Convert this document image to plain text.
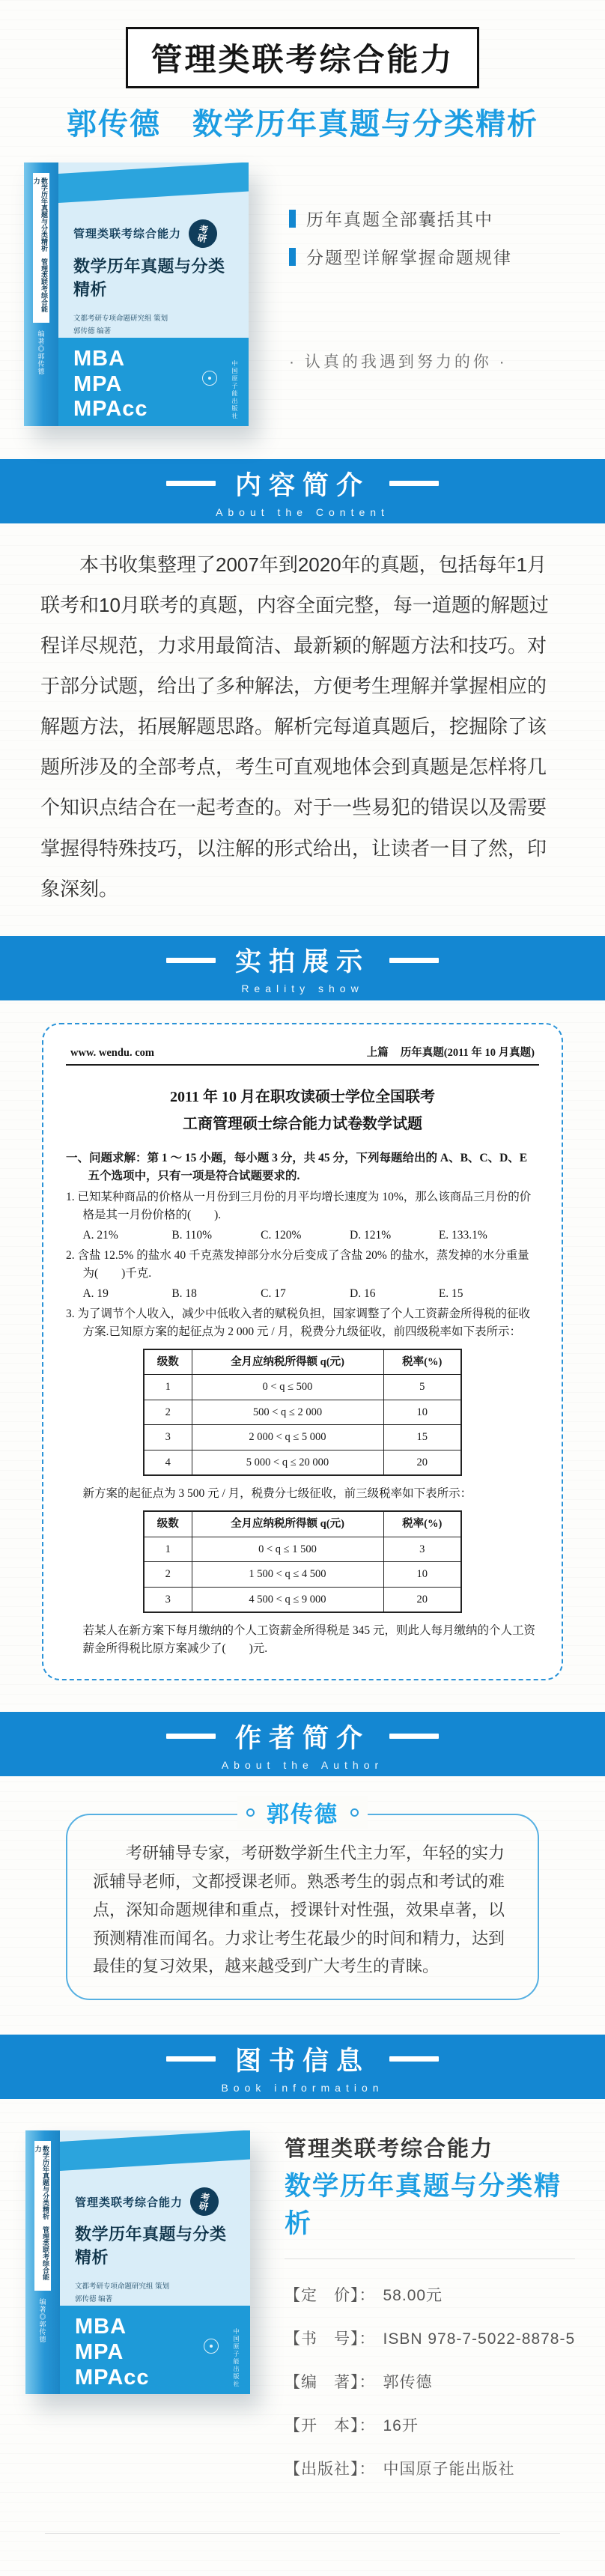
管理类联考综合能力
郭传德　数学历年真题与分类精析
数学历年真题与分类精析　管理类联考综合能力
编著◎郭传德
管理类联考综合能力	考研
数学历年真题与分类精析
文都考研专项命题研究组 策划
郭传德 编著
MBA
MPA
MPAcc	中国原子能出版社
历年真题全部囊括其中
分题型详解掌握命题规律
· 认真的我遇到努力的你 ·
内容简介
About the Content

本书收集整理了2007年到2020年的真题，包括每年1月联考和10月联考的真题，内容全面完整，每一道题的解题过程详尽规范，力求用最简洁、最新颖的解题方法和技巧。对于部分试题，给出了多种解法，方便考生理解并掌握相应的解题方法，拓展解题思路。解析完每道真题后，挖掘除了该题所涉及的全部考点，考生可直观地体会到真题是怎样将几个知识点结合在一起考查的。对于一些易犯的错误以及需要掌握得特殊技巧，以注解的形式给出，让读者一目了然，印象深刻。

实拍展示
Reality show
www. wendu. com	上篇 历年真题(2011 年 10 月真题)
2011 年 10 月在职攻读硕士学位全国联考
工商管理硕士综合能力试卷数学试题

一、问题求解：第 1 ～ 15 小题，每小题 3 分，共 45 分，下列每题给出的 A、B、C、D、E 五个选项中，只有一项是符合试题要求的.

1. 已知某种商品的价格从一月份到三月份的月平均增长速度为 10%，那么该商品三月份的价格是其一月份价格的(　　).

A. 21%	B. 110%	C. 120%	D. 121%	E. 133.1%

2. 含盐 12.5% 的盐水 40 千克蒸发掉部分水分后变成了含盐 20% 的盐水，蒸发掉的水分重量为(　　)千克.

A. 19	B. 18	C. 17	D. 16	E. 15

3. 为了调节个人收入，减少中低收入者的赋税负担，国家调整了个人工资薪金所得税的征收方案.已知原方案的起征点为 2 000 元 / 月，税费分九级征收，前四级税率如下表所示：

级数	全月应纳税所得额 q(元)	税率(%)
1	0 < q ≤ 500	5
2	500 < q ≤ 2 000	10
3	2 000 < q ≤ 5 000	15
4	5 000 < q ≤ 20 000	20

新方案的起征点为 3 500 元 / 月，税费分七级征收，前三级税率如下表所示：

级数	全月应纳税所得额 q(元)	税率(%)
1	0 < q ≤ 1 500	3
2	1 500 < q ≤ 4 500	10
3	4 500 < q ≤ 9 000	20

若某人在新方案下每月缴纳的个人工资薪金所得税是 345 元，则此人每月缴纳的个人工资薪金所得税比原方案减少了(　　)元.

作者简介
About the Author

考研辅导专家，考研数学新生代主力军，年轻的实力派辅导老师，文都授课老师。熟悉考生的弱点和考试的难点，深知命题规律和重点，授课针对性强，效果卓著，以预测精准而闻名。力求让考生花最少的时间和精力，达到最佳的复习效果，越来越受到广大考生的青睐。

郭传德
图书信息
Book information
数学历年真题与分类精析　管理类联考综合能力
编著◎郭传德
管理类联考综合能力	考研
数学历年真题与分类精析
文都考研专项命题研究组 策划
郭传德 编著
MBA
MPA
MPAcc	中国原子能出版社
管理类联考综合能力
数学历年真题与分类精析
【定　价】： 58.00元
【书　号】： ISBN 978-7-5022-8878-5
【编　著】： 郭传德
【开　本】： 16开
【出版社】： 中国原子能出版社
